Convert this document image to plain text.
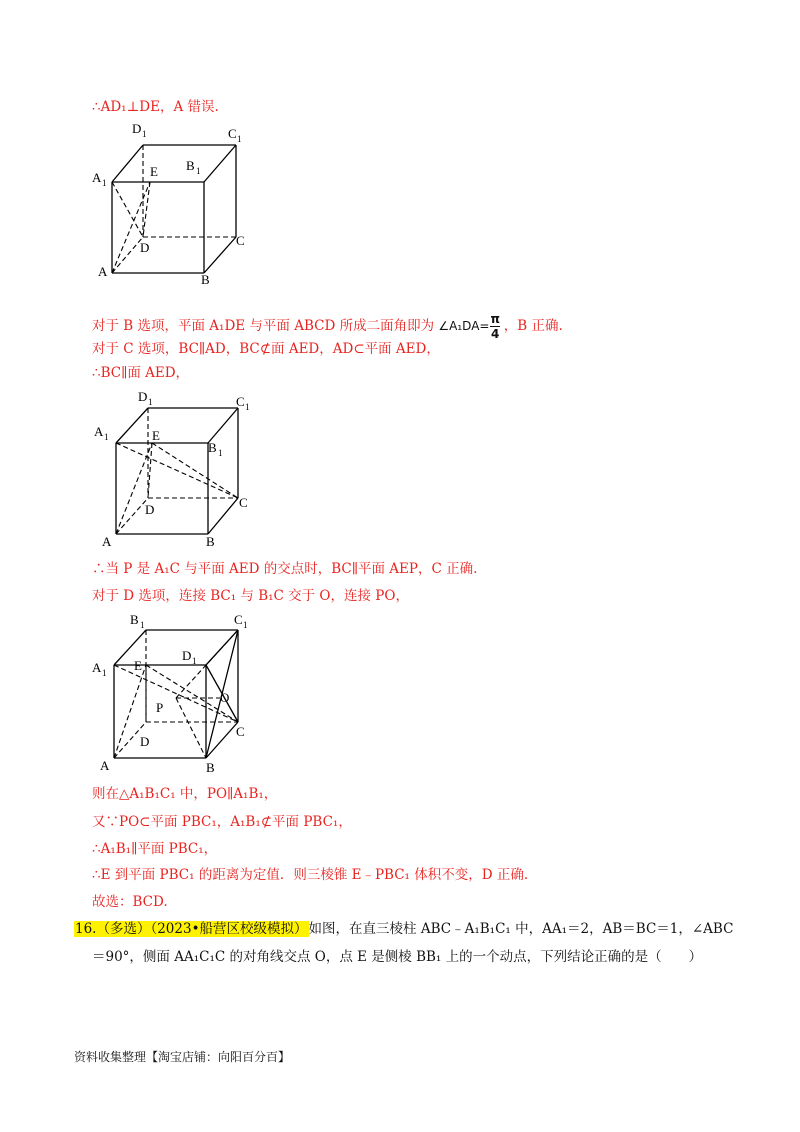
∴AD₁⊥DE，A 错误.
A 1
D 1	C 1
B 1
E
D	C
A
B
对于 B 选项，平面 A₁DE 与平面 ABCD 所成二面角即为 ∠A₁DA= $\frac{\pi}{4}$ ，B 正确.
对于 C 选项，BC∥AD，BC⊄面 AED，AD⊂平面 AED，
∴BC∥面 AED，
A 1
D 1	C 1
B 1
E
D	C
A	B
∴当 P 是 A₁C 与平面 AED 的交点时，BC∥平面 AEP，C 正确.
对于 D 选项，连接 BC₁ 与 B₁C 交于 O，连接 PO，
A 1
B 1	C 1
D 1
E
P
O
D
C
A	B
则在△A₁B₁C₁ 中，PO∥A₁B₁，
又∵PO⊂平面 PBC₁，A₁B₁⊄平面 PBC₁，
∴A₁B₁∥平面 PBC₁，
∴E 到平面 PBC₁ 的距离为定值．则三棱锥 E﹣PBC₁ 体积不变，D 正确.
故选：BCD.
16.（多选）（2023•船营区校级模拟）如图，在直三棱柱 ABC﹣A₁B₁C₁ 中，AA₁＝2，AB＝BC＝1，∠ABC
＝90°，侧面 AA₁C₁C 的对角线交点 O，点 E 是侧棱 BB₁ 上的一个动点，下列结论正确的是（　　）
资料收集整理【淘宝店铺：向阳百分百】
